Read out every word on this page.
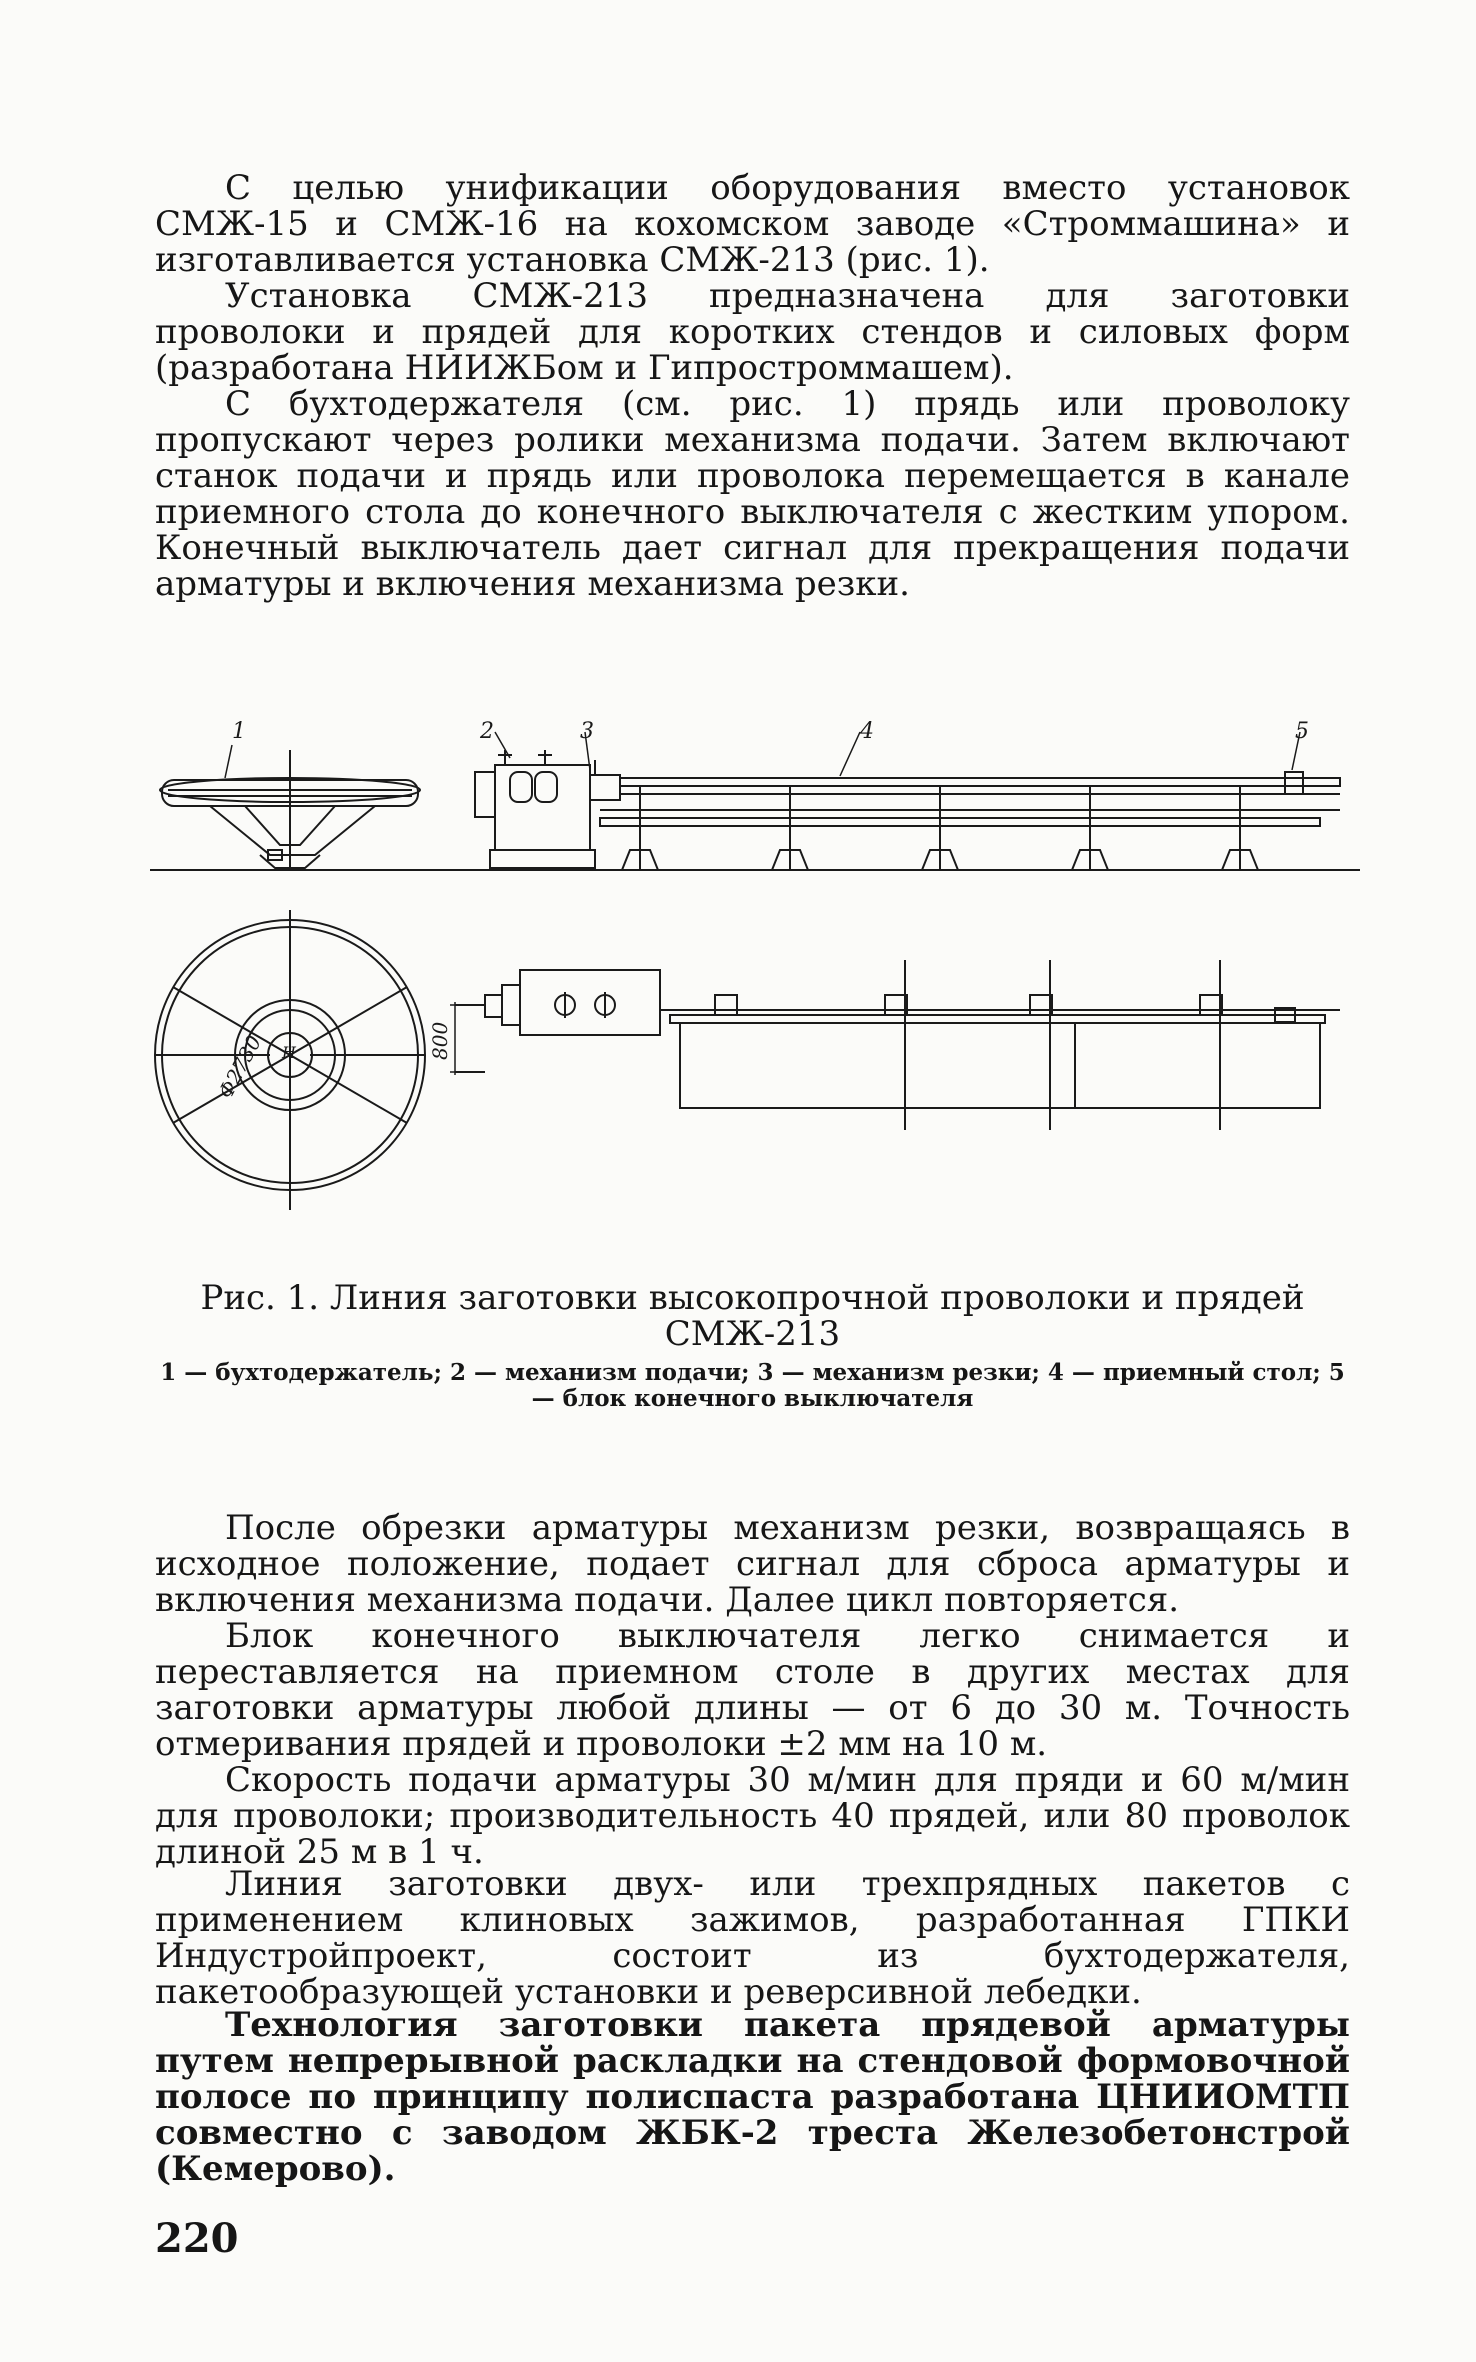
С целью унификации оборудования вместо установок СМЖ-15 и СМЖ-16 на кохомском заводе «Строммашина» и изготавливается установка СМЖ-213 (рис. 1).

Установка СМЖ-213 предназначена для заготовки проволоки и прядей для коротких стендов и силовых форм (разработана НИИЖБом и Гипростроммашем).

С бухтодержателя (см. рис. 1) прядь или проволоку пропускают через ролики механизма подачи. Затем включают станок подачи и прядь или проволока перемещается в канале приемного стола до конечного выключателя с жестким упором. Конечный выключатель дает сигнал для прекращения подачи арматуры и включения механизма резки.

1	2	3	4	5
Ф2730 Н	800

Рис. 1. Линия заготовки высокопрочной проволоки и прядей СМЖ-213

1 — бухтодержатель; 2 — механизм подачи; 3 — механизм резки; 4 — приемный стол; 5 — блок конечного выключателя

После обрезки арматуры механизм резки, возвращаясь в исходное положение, подает сигнал для сброса арматуры и включения механизма подачи. Далее цикл повторяется.

Блок конечного выключателя легко снимается и переставляется на приемном столе в других местах для заготовки арматуры любой длины — от 6 до 30 м. Точность отмеривания прядей и проволоки ±2 мм на 10 м.

Скорость подачи арматуры 30 м/мин для пряди и 60 м/мин для проволоки; производительность 40 прядей, или 80 проволок длиной 25 м в 1 ч.

Линия заготовки двух- или трехпрядных пакетов с применением клиновых зажимов, разработанная ГПКИ Индустройпроект, состоит из бухтодержателя, пакетообразующей установки и реверсивной лебедки.

Технология заготовки пакета прядевой арматуры путем непрерывной раскладки на стендовой формовочной полосе по принципу полиспаста разработана ЦНИИОМТП совместно с заводом ЖБК-2 треста Железобетонстрой (Кемерово).

220
